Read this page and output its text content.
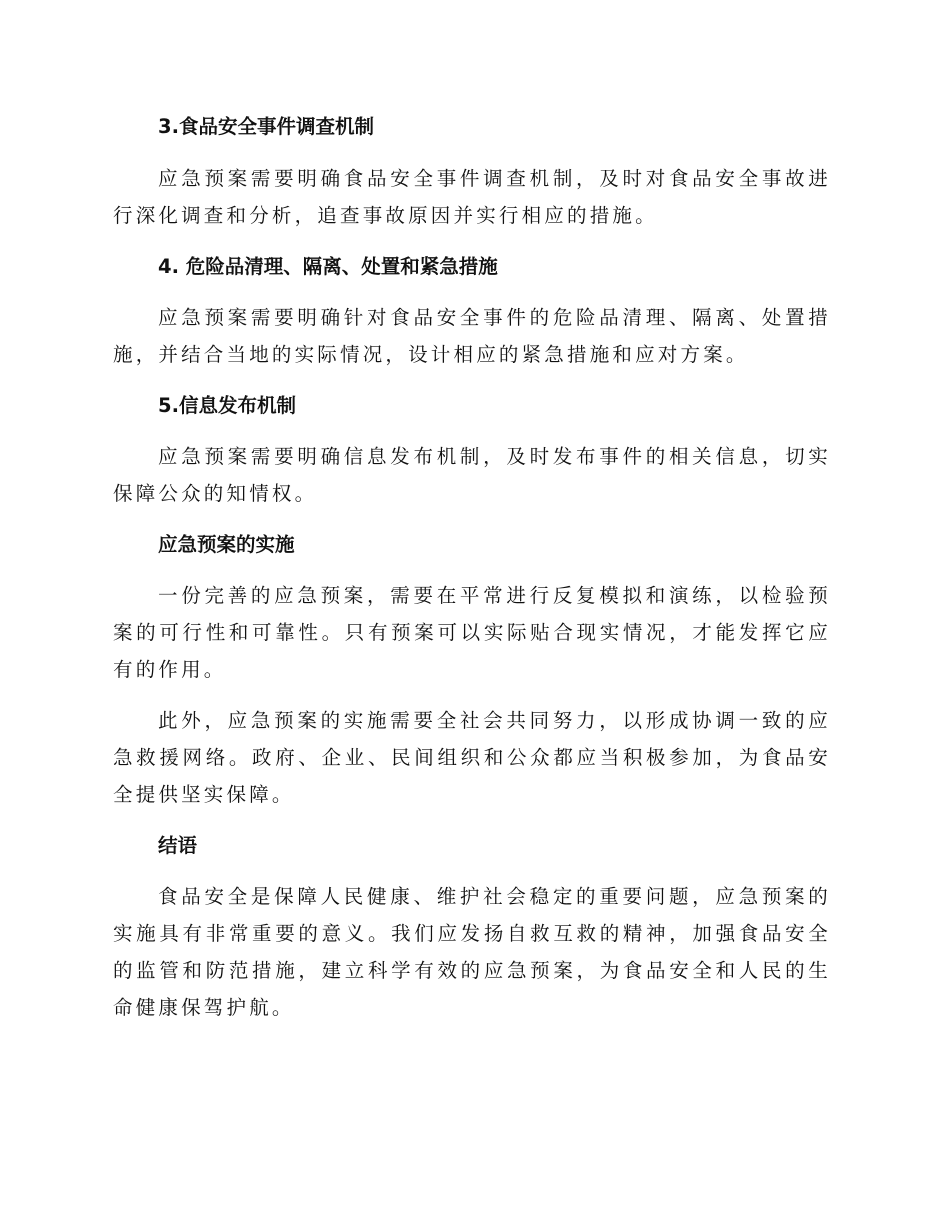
3.食品安全事件调查机制

应急预案需要明确食品安全事件调查机制，及时对食品安全事故进行深化调查和分析，追查事故原因并实行相应的措施。

4. 危险品清理、隔离、处置和紧急措施

应急预案需要明确针对食品安全事件的危险品清理、隔离、处置措施，并结合当地的实际情况，设计相应的紧急措施和应对方案。

5.信息发布机制

应急预案需要明确信息发布机制，及时发布事件的相关信息，切实保障公众的知情权。

应急预案的实施

一份完善的应急预案，需要在平常进行反复模拟和演练，以检验预案的可行性和可靠性。只有预案可以实际贴合现实情况，才能发挥它应有的作用。

此外，应急预案的实施需要全社会共同努力，以形成协调一致的应急救援网络。政府、企业、民间组织和公众都应当积极参加，为食品安全提供坚实保障。

结语

食品安全是保障人民健康、维护社会稳定的重要问题，应急预案的实施具有非常重要的意义。我们应发扬自救互救的精神，加强食品安全的监管和防范措施，建立科学有效的应急预案，为食品安全和人民的生命健康保驾护航。
